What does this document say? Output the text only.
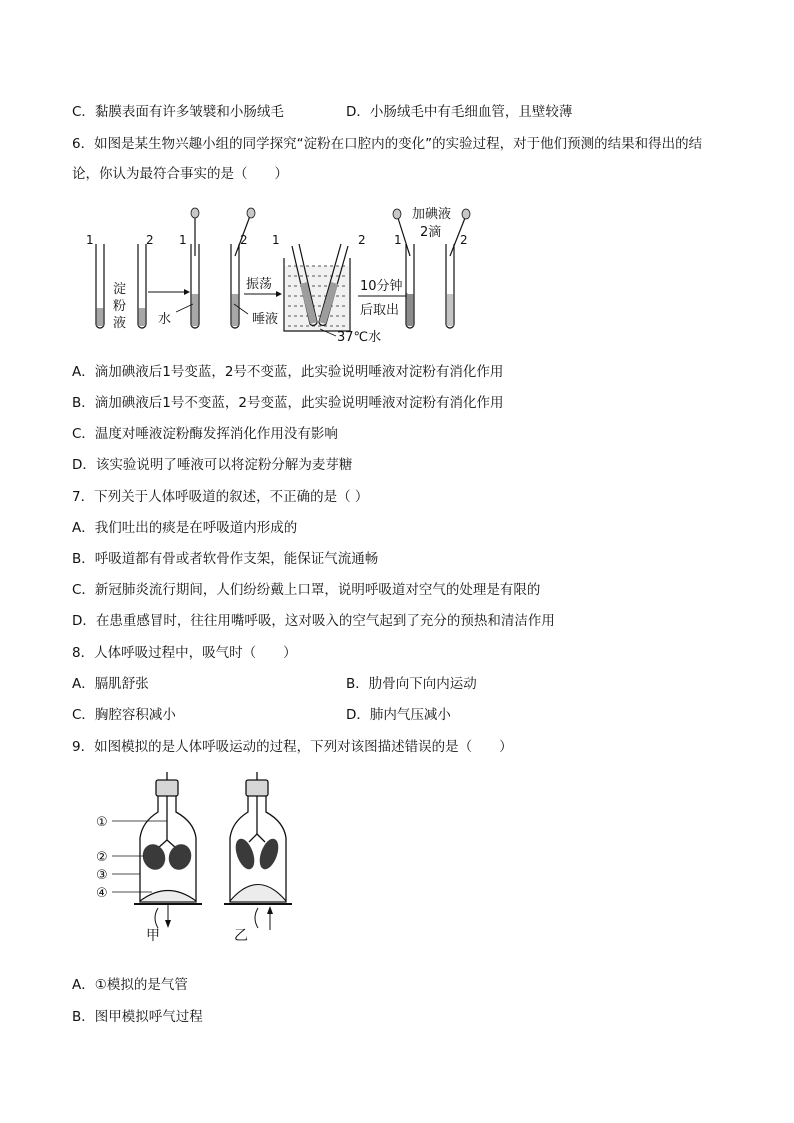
C．黏膜表面有许多皱襞和小肠绒毛	D．小肠绒毛中有毛细血管，且壁较薄
6．如图是某生物兴趣小组的同学探究“淀粉在口腔内的变化”的实验过程，对于他们预测的结果和得出的结
论，你认为最符合事实的是（　　）
1	2
淀
粉
液
1	2
水	唾液
振荡
1	2
37℃水
10分钟
后取出
加碘液
2滴
1	2
A．滴加碘液后1号变蓝，2号不变蓝，此实验说明唾液对淀粉有消化作用
B．滴加碘液后1号不变蓝，2号变蓝，此实验说明唾液对淀粉有消化作用
C．温度对唾液淀粉酶发挥消化作用没有影响
D．该实验说明了唾液可以将淀粉分解为麦芽糖
7．下列关于人体呼吸道的叙述，不正确的是（ ）
A．我们吐出的痰是在呼吸道内形成的
B．呼吸道都有骨或者软骨作支架，能保证气流通畅
C．新冠肺炎流行期间，人们纷纷戴上口罩，说明呼吸道对空气的处理是有限的
D．在患重感冒时，往往用嘴呼吸，这对吸入的空气起到了充分的预热和清洁作用
8．人体呼吸过程中，吸气时（　　）
A．膈肌舒张	B．肋骨向下向内运动
C．胸腔容积减小	D．肺内气压减小
9．如图模拟的是人体呼吸运动的过程，下列对该图描述错误的是（　　）
①
②
③
④
甲	乙
A．①模拟的是气管
B．图甲模拟呼气过程
